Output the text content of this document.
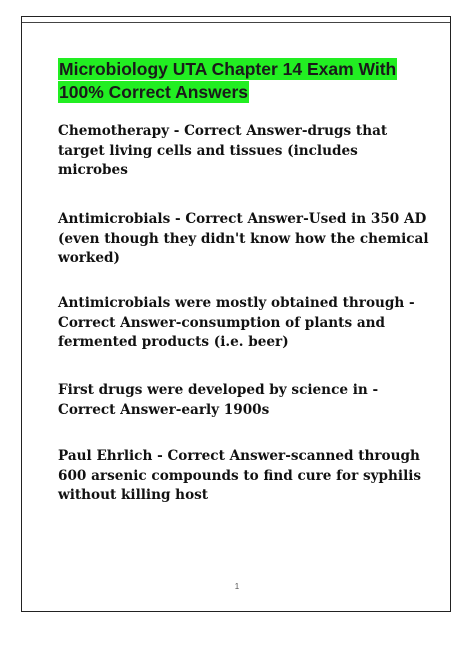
Microbiology UTA Chapter 14 Exam With
100% Correct Answers
Chemotherapy - Correct Answer-drugs that target living cells and tissues (includes microbes
Antimicrobials - Correct Answer-Used in 350 AD (even though they didn't know how the chemical worked)
Antimicrobials were mostly obtained through - Correct Answer-consumption of plants and fermented products (i.e. beer)
First drugs were developed by science in - Correct Answer-early 1900s
Paul Ehrlich - Correct Answer-scanned through 600 arsenic compounds to find cure for syphilis without killing host
1
